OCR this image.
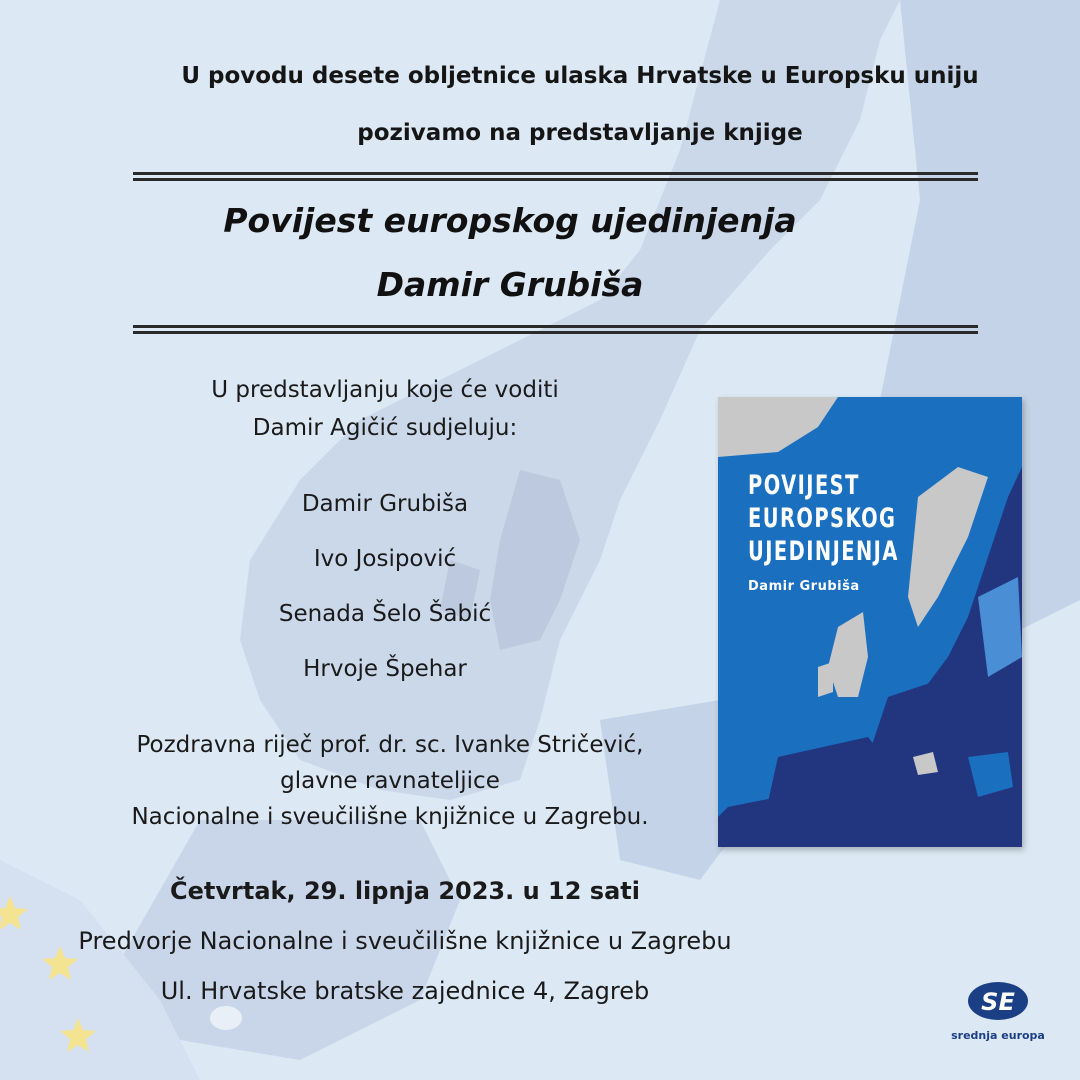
U povodu desete obljetnice ulaska Hrvatske u Europsku uniju
pozivamo na predstavljanje knjige
Povijest europskog ujedinjenja
Damir Grubiša
U predstavljanju koje će voditi
Damir Agičić sudjeluju:
Damir Grubiša
Ivo Josipović
Senada Šelo Šabić
Hrvoje Špehar
Pozdravna riječ prof. dr. sc. Ivanke Stričević,
glavne ravnateljice
Nacionalne i sveučilišne knjižnice u Zagrebu.
Četvrtak, 29. lipnja 2023. u 12 sati
Predvorje Nacionalne i sveučilišne knjižnice u Zagrebu
Ul. Hrvatske bratske zajednice 4, Zagreb
POVIJEST
EUROPSKOG
UJEDINJENJA
Damir Grubiša
SE
srednja europa
